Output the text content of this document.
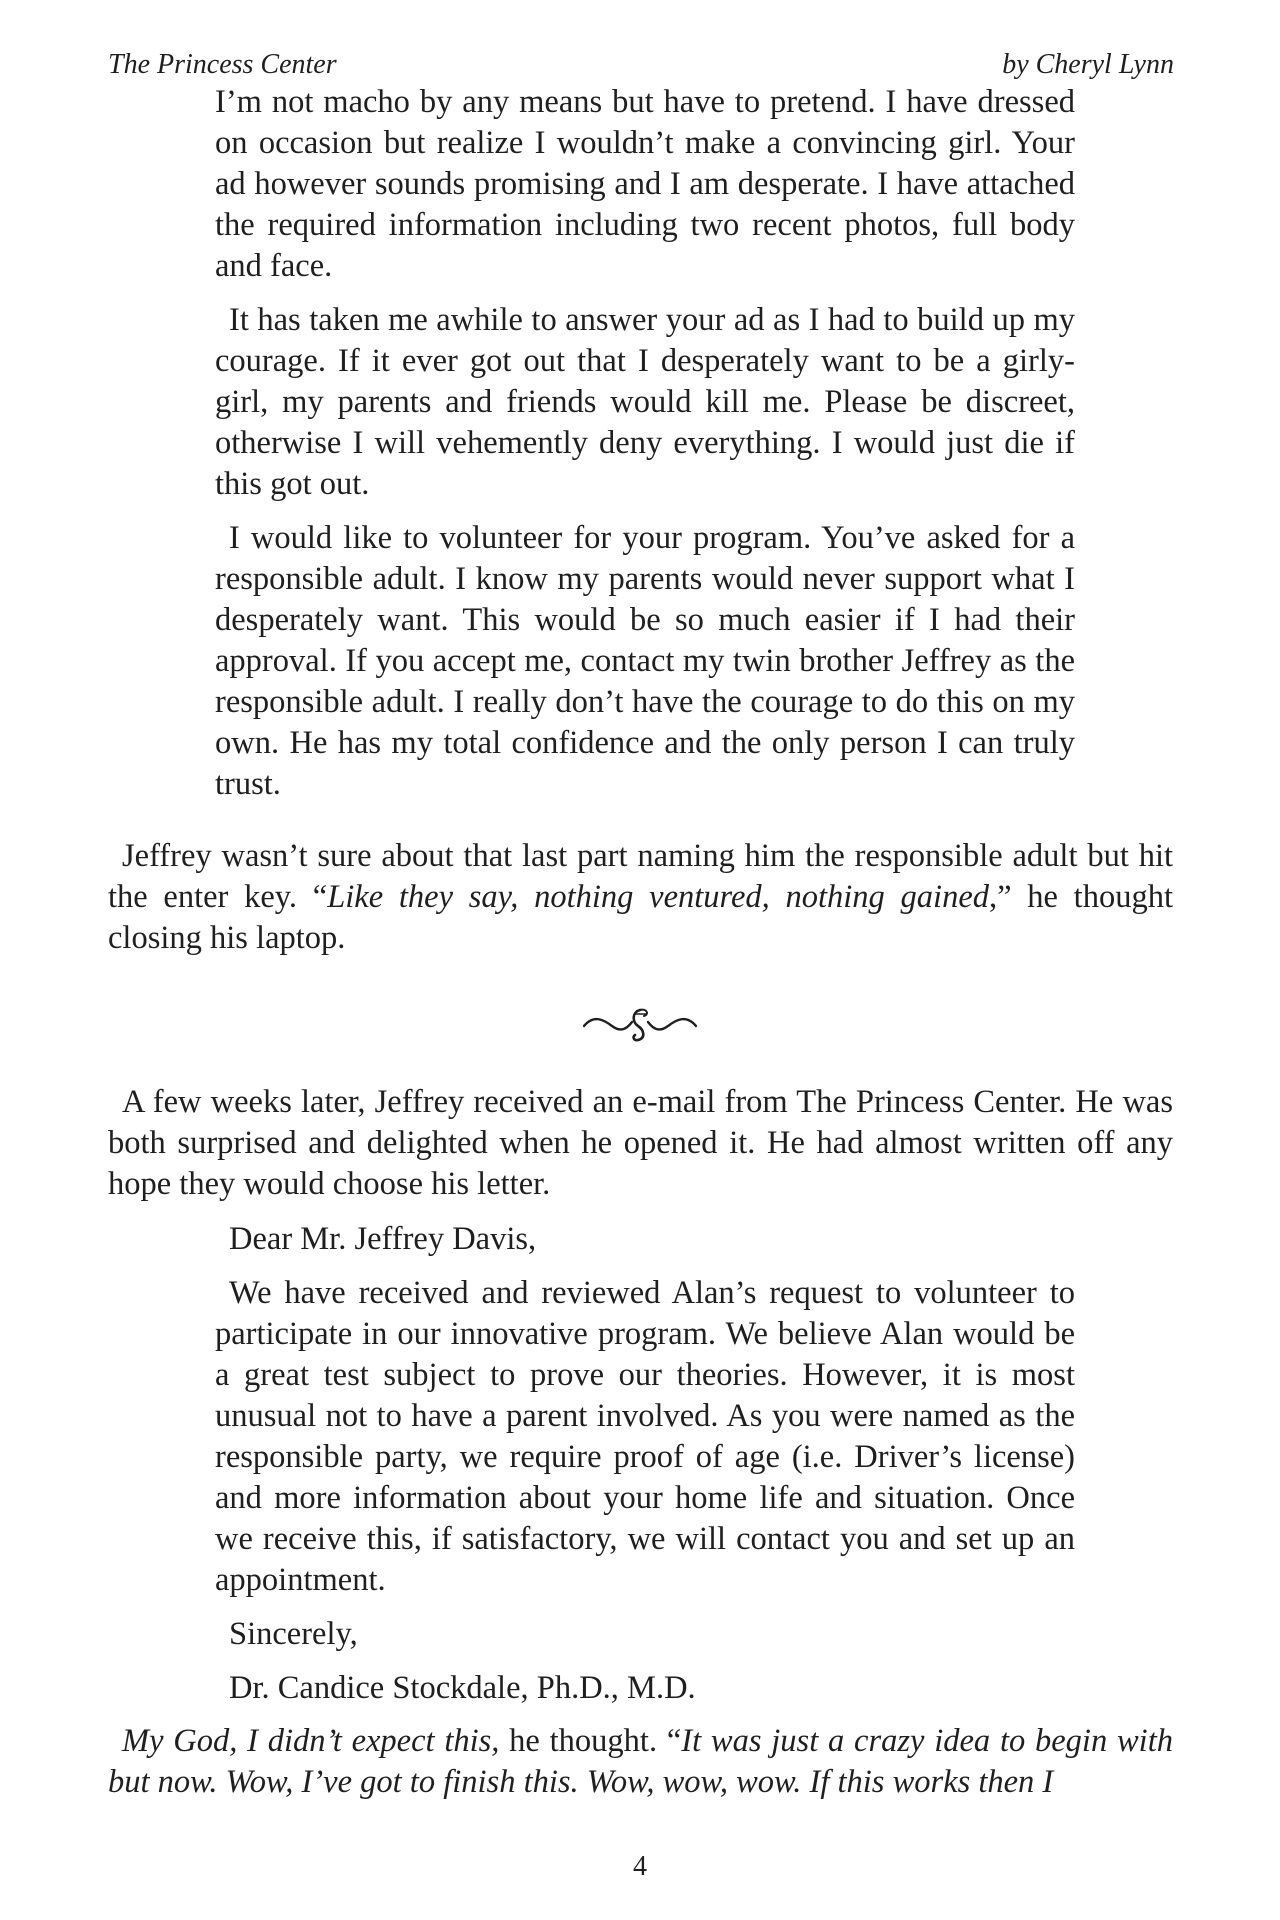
The Princess Center	by Cheryl Lynn

I’m not macho by any means but have to pretend. I have dressed on occasion but realize I wouldn’t make a convincing girl. Your ad however sounds promising and I am desperate. I have attached the required information including two recent photos, full body and face.

It has taken me awhile to answer your ad as I had to build up my courage. If it ever got out that I desperately want to be a girly-girl, my parents and friends would kill me. Please be discreet, otherwise I will vehemently deny everything. I would just die if this got out.

I would like to volunteer for your program. You’ve asked for a responsible adult. I know my parents would never support what I desperately want. This would be so much easier if I had their approval. If you accept me, contact my twin brother Jeffrey as the responsible adult. I really don’t have the courage to do this on my own. He has my total confidence and the only person I can truly trust.

Jeffrey wasn’t sure about that last part naming him the responsible adult but hit the enter key. “Like they say, nothing ventured, nothing gained,” he thought closing his laptop.

A few weeks later, Jeffrey received an e-mail from The Princess Center. He was both surprised and delighted when he opened it. He had almost written off any hope they would choose his letter.

Dear Mr. Jeffrey Davis,

We have received and reviewed Alan’s request to volunteer to participate in our innovative program. We believe Alan would be a great test subject to prove our theories. However, it is most unusual not to have a parent involved. As you were named as the responsible party, we require proof of age (i.e. Driver’s license) and more information about your home life and situation. Once we receive this, if satisfactory, we will contact you and set up an appointment.

Sincerely,

Dr. Candice Stockdale, Ph.D., M.D.

My God, I didn’t expect this, he thought. “It was just a crazy idea to begin with but now. Wow, I’ve got to finish this. Wow, wow, wow. If this works then I

4
